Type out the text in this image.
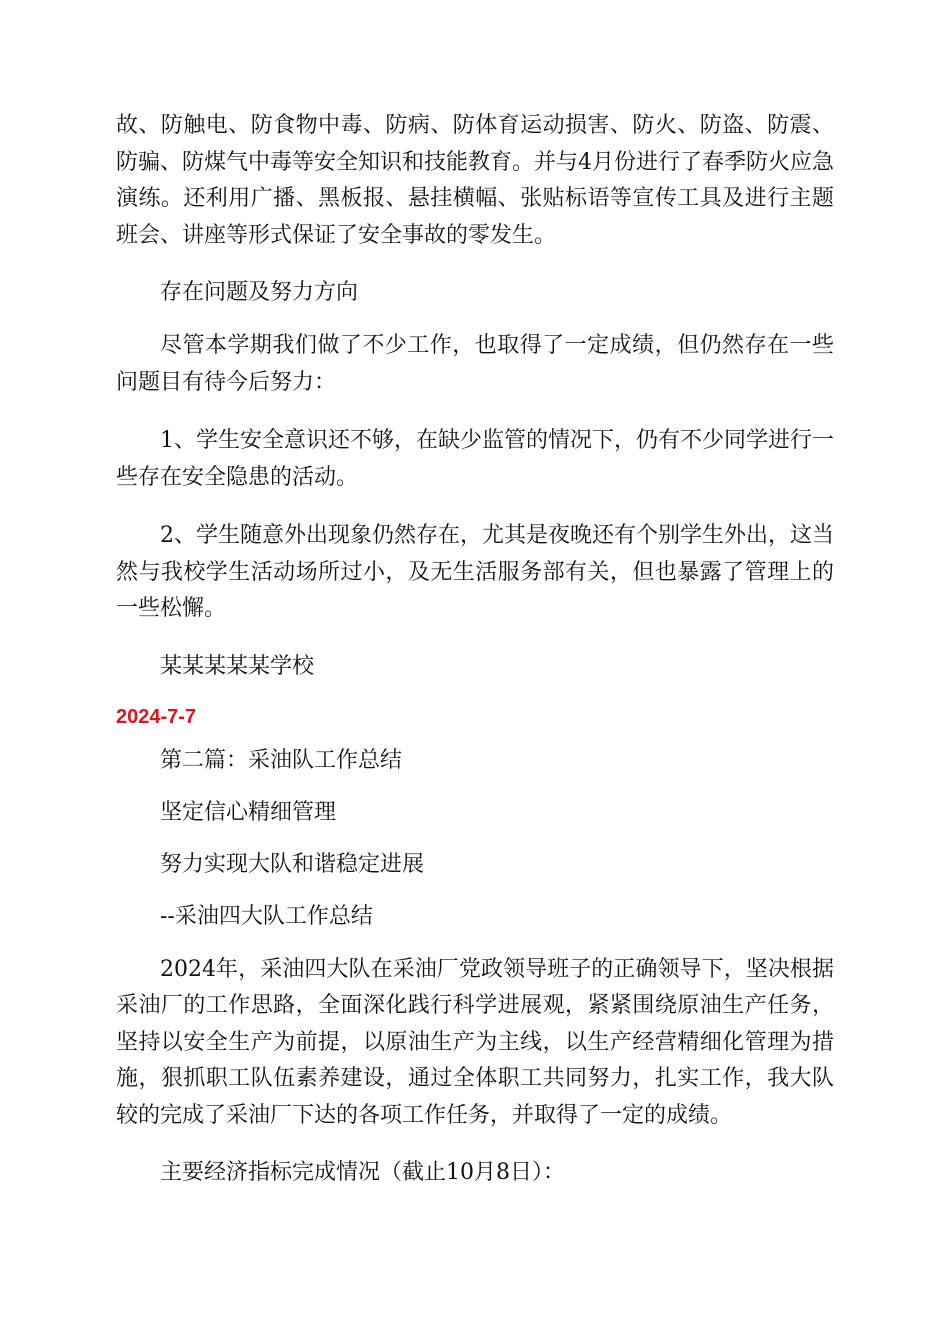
故、防触电、防食物中毒、防病、防体育运动损害、防火、防盗、防震、防骗、防煤气中毒等安全知识和技能教育。并与4月份进行了春季防火应急演练。还利用广播、黑板报、悬挂横幅、张贴标语等宣传工具及进行主题班会、讲座等形式保证了安全事故的零发生。

存在问题及努力方向

尽管本学期我们做了不少工作，也取得了一定成绩，但仍然存在一些问题目有待今后努力：

1、学生安全意识还不够，在缺少监管的情况下，仍有不少同学进行一些存在安全隐患的活动。

2、学生随意外出现象仍然存在，尤其是夜晚还有个别学生外出，这当然与我校学生活动场所过小，及无生活服务部有关，但也暴露了管理上的一些松懈。

某某某某某学校

2024-7-7

第二篇：采油队工作总结

坚定信心精细管理

努力实现大队和谐稳定进展

--采油四大队工作总结

2024年，采油四大队在采油厂党政领导班子的正确领导下，坚决根据采油厂的工作思路，全面深化践行科学进展观，紧紧围绕原油生产任务，坚持以安全生产为前提，以原油生产为主线，以生产经营精细化管理为措施，狠抓职工队伍素养建设，通过全体职工共同努力，扎实工作，我大队较的完成了采油厂下达的各项工作任务，并取得了一定的成绩。

主要经济指标完成情况（截止10月8日）：
